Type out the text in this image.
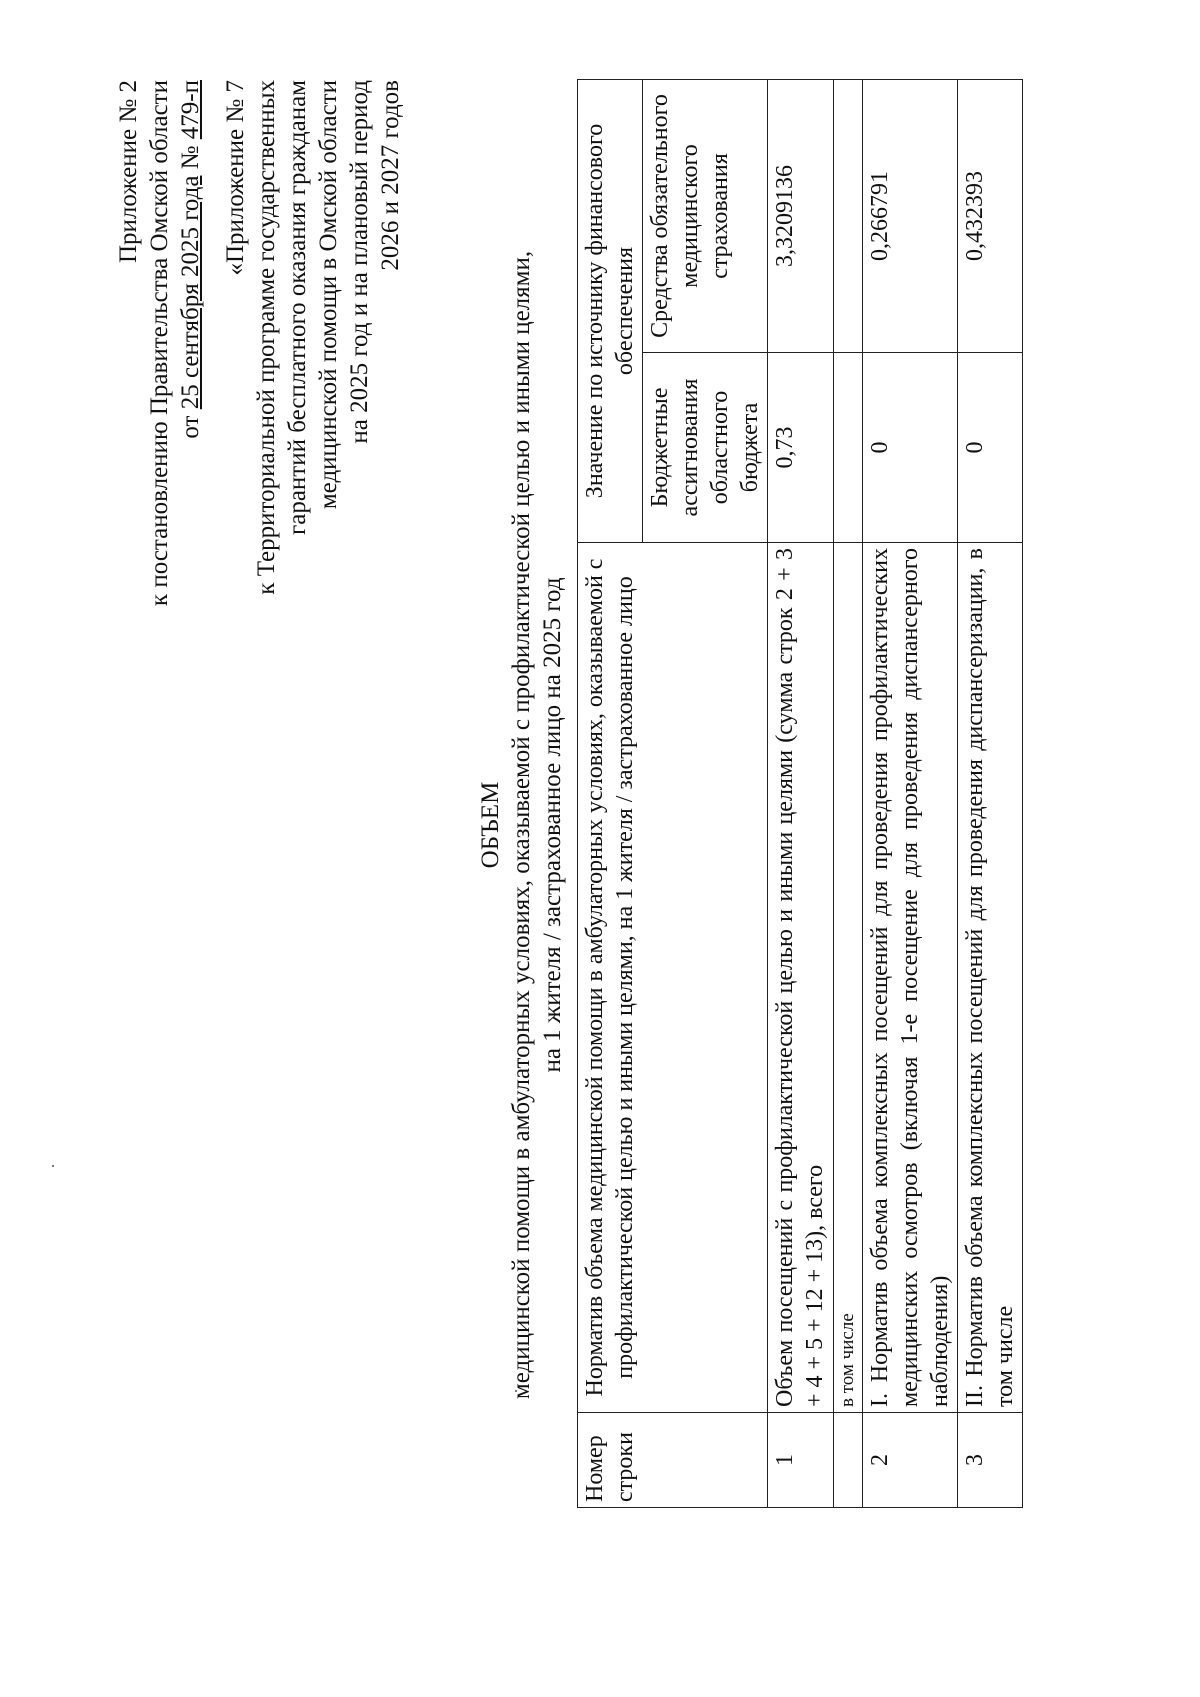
Приложение № 2 к постановлению Правительства Омской области от 25 сентября 2025 года № 479-п «Приложение № 7 к Территориальной программе государственных гарантий бесплатного оказания гражданам медицинской помощи в Омской области на 2025 год и на плановый период 2026 и 2027 годов
ОБЪЕМ медицинской помощи в амбулаторных условиях, оказываемой с профилактической целью и иными целями, на 1 жителя / застрахованное лицо на 2025 год
Номер строки	Норматив объема медицинской помощи в амбулаторных условиях, оказываемой с профилактической целью и иными целями, на 1 жителя / застрахованное лицо	Значение по источнику финансового обеспечения	
		Бюджетные ассигнования областного бюджета	Средства обязательного медицинского страхования
1	Объем посещений с профилактической целью и иными целями (сумма строк 2 + 3 + 4 + 5 + 12 + 13), всего	0,73	3,3209136
	в том числе		
2	I. Норматив объема комплексных посещений для проведения профилактических медицинских осмотров (включая 1-е посещение для проведения диспансерного наблюдения)	0	0,266791
3	II. Норматив объема комплексных посещений для проведения диспансеризации, в том числе	0	0,432393
